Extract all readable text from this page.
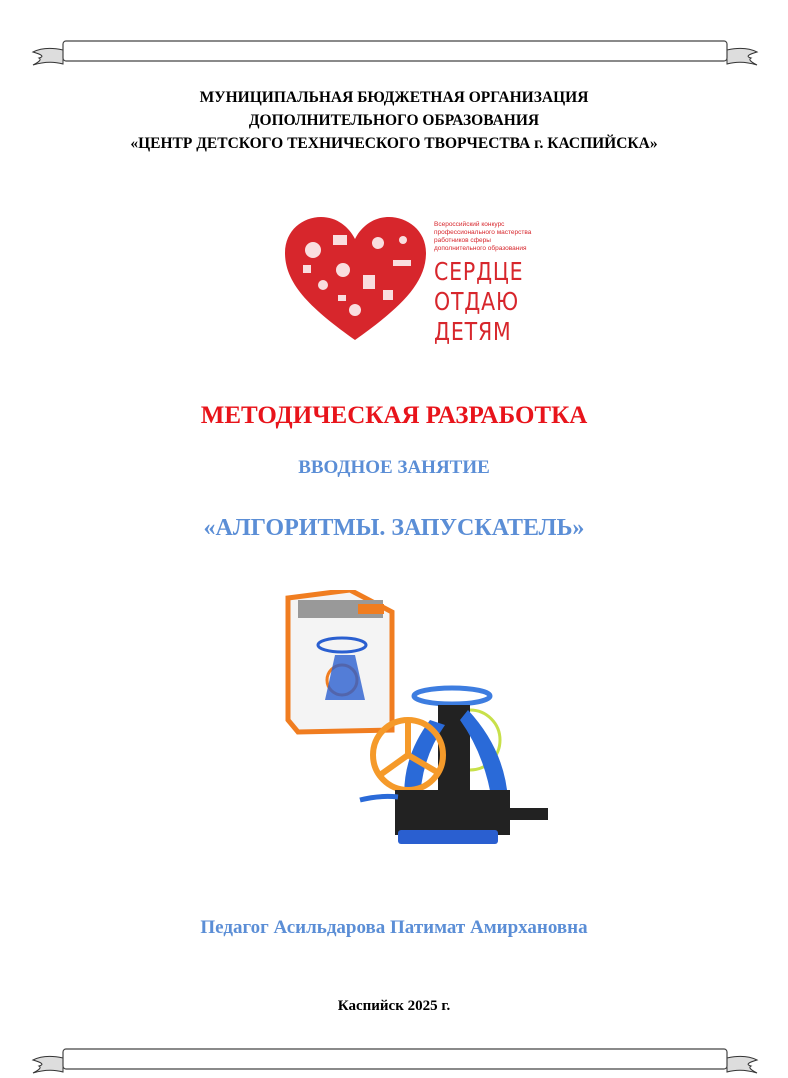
МУНИЦИПАЛЬНАЯ БЮДЖЕТНАЯ ОРГАНИЗАЦИЯ
ДОПОЛНИТЕЛЬНОГО ОБРАЗОВАНИЯ
«ЦЕНТР ДЕТСКОГО ТЕХНИЧЕСКОГО ТВОРЧЕСТВА г. КАСПИЙСКА»
Всероссийский конкурс профессионального мастерства работников сферы дополнительного образования
СЕРДЦЕ
ОТДАЮ
ДЕТЯМ
МЕТОДИЧЕСКАЯ РАЗРАБОТКА
ВВОДНОЕ ЗАНЯТИЕ
«АЛГОРИТМЫ. ЗАПУСКАТЕЛЬ»
Педагог Асильдарова Патимат Амирхановна
Каспийск 2025 г.
